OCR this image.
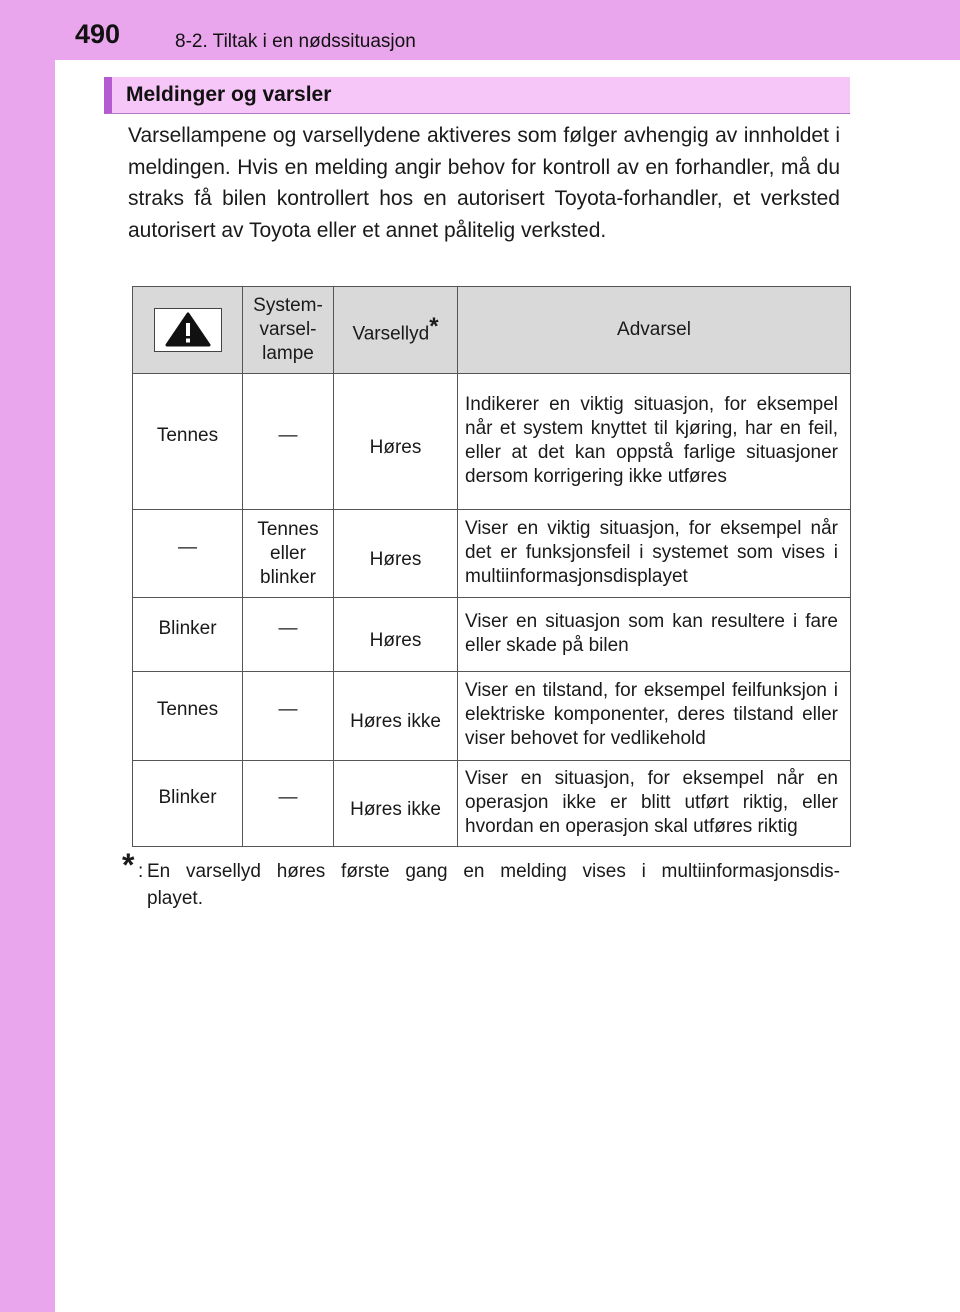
490	8-2. Tiltak i en nødssituasjon
Meldinger og varsler

Varsellampene og varsellydene aktiveres som følger avhengig av innholdet i meldingen. Hvis en melding angir behov for kontroll av en forhandler, må du straks få bilen kontrollert hos en autorisert Toyota-forhandler, et verksted autorisert av Toyota eller et annet pålitelig verksted.

	System-varsel-lampe	Varsellyd*	Advarsel
Tennes	—	Høres	Indikerer en viktig situasjon, for eksempel når et system knyttet til kjøring, har en feil, eller at det kan oppstå farlige situasjoner dersom korrigering ikke utføres
—	Tennes eller blinker	Høres	Viser en viktig situasjon, for eksempel når det er funksjonsfeil i systemet som vises i multiinformasjonsdisplayet
Blinker	—	Høres	Viser en situasjon som kan resultere i fare eller skade på bilen
Tennes	—	Høres ikke	Viser en tilstand, for eksempel feilfunksjon i elektriske komponenter, deres tilstand eller viser behovet for vedlikehold
Blinker	—	Høres ikke	Viser en situasjon, for eksempel når en operasjon ikke er blitt utført riktig, eller hvordan en operasjon skal utføres riktig
* : En varsellyd høres første gang en melding vises i multiinformasjonsdis-
playet.
